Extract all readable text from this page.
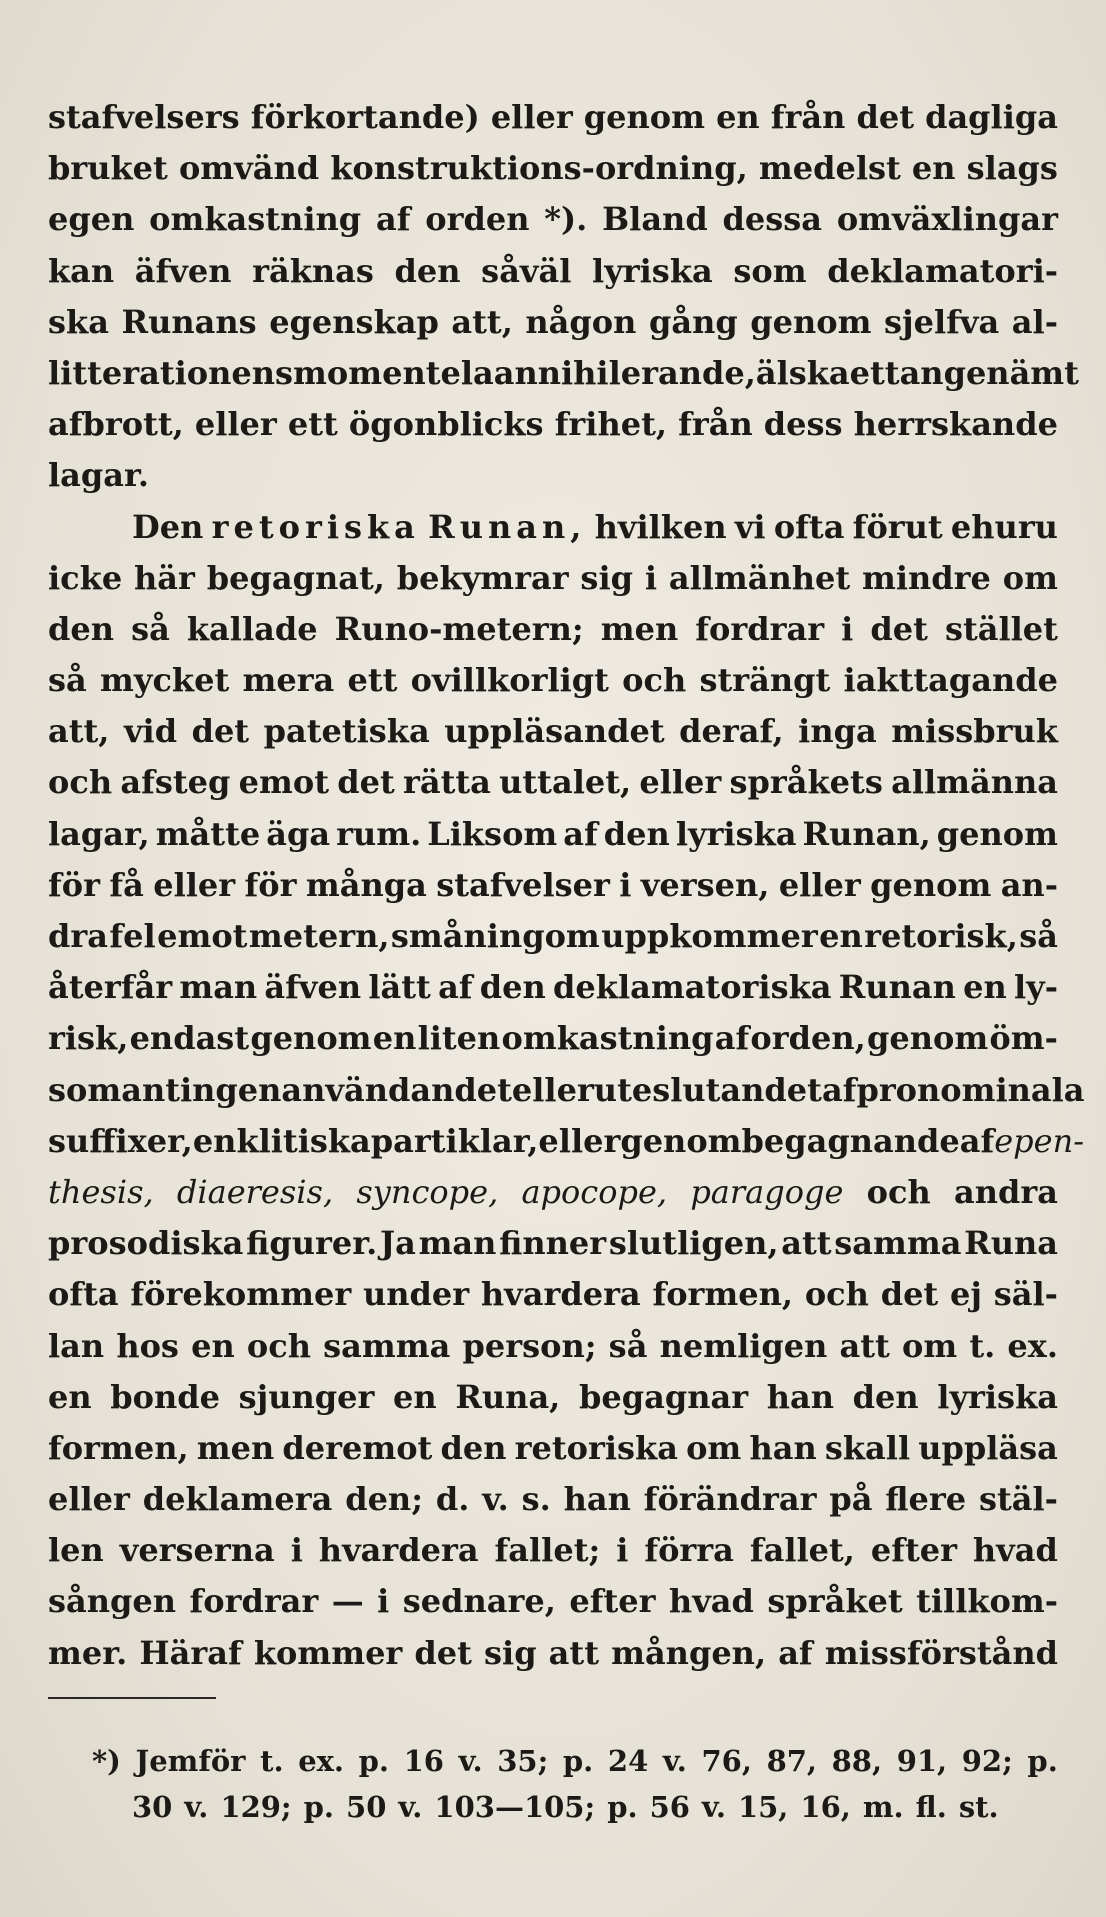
stafvelsers förkortande) eller genom en från det dagliga
bruket omvänd konstruktions-ordning, medelst en slags
egen omkastning af orden *). Bland dessa omväxlingar
kan äfven räknas den såväl lyriska som deklamatori-
ska Runans egenskap att, någon gång genom sjelfva al-
litterationens momentela annihilerande, älska ett angenämt
afbrott, eller ett ögonblicks frihet, från dess herrskande
lagar.
Den retoriska Runan, hvilken vi ofta förut ehuru
icke här begagnat, bekymrar sig i allmänhet mindre om
den så kallade Runo-metern; men fordrar i det stället
så mycket mera ett ovillkorligt och strängt iakttagande
att, vid det patetiska uppläsandet deraf, inga missbruk
och afsteg emot det rätta uttalet, eller språkets allmänna
lagar, måtte äga rum. Liksom af den lyriska Runan, genom
för få eller för många stafvelser i versen, eller genom an-
dra fel emot metern, småningom uppkommer en retorisk, så
återfår man äfven lätt af den deklamatoriska Runan en ly-
risk, endast genom en liten omkastning af orden, genom öm-
som antingen användandet eller uteslutandet af pronominala
suffixer, enklitiska partiklar, eller genom begagnande af epen-
thesis, diaeresis, syncope, apocope, paragoge och andra
prosodiska figurer. Ja man finner slutligen, att samma Runa
ofta förekommer under hvardera formen, och det ej säl-
lan hos en och samma person; så nemligen att om t. ex.
en bonde sjunger en Runa, begagnar han den lyriska
formen, men deremot den retoriska om han skall uppläsa
eller deklamera den; d. v. s. han förändrar på flere stäl-
len verserna i hvardera fallet; i förra fallet, efter hvad
sången fordrar — i sednare, efter hvad språket tillkom-
mer. Häraf kommer det sig att mången, af missförstånd
*) Jemför t. ex. p. 16 v. 35; p. 24 v. 76, 87, 88, 91, 92; p.
30 v. 129; p. 50 v. 103—105; p. 56 v. 15, 16, m. fl. st.
